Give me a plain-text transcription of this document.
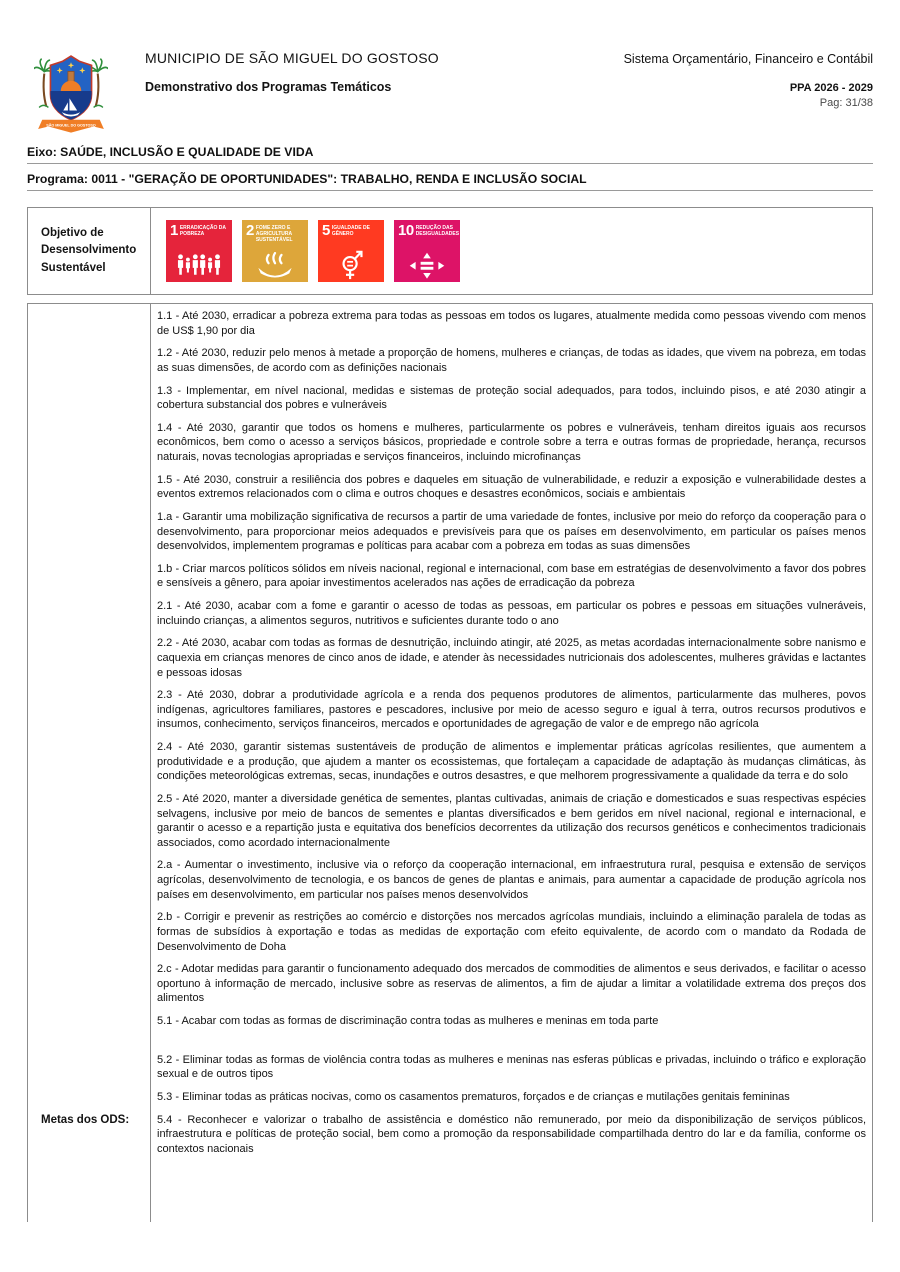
SÃO MIGUEL DO GOSTOSO
MUNICIPIO DE SÃO MIGUEL DO GOSTOSO
Demonstrativo dos Programas Temáticos
Sistema Orçamentário, Financeiro e Contábil
PPA 2026 - 2029
Pag: 31/38
Eixo: SAÚDE, INCLUSÃO E QUALIDADE DE VIDA
Programa: 0011 - "GERAÇÃO DE OPORTUNIDADES": TRABALHO, RENDA E INCLUSÃO SOCIAL
Objetivo de Desensolvimento Sustentável
1 ERRADICAÇÃO DA POBREZA	2 FOME ZERO E AGRICULTURA SUSTENTÁVEL
5 IGUALDADE DE GÊNERO	10 REDUÇÃO DAS DESIGUALDADES
Metas dos ODS:

1.1 - Até 2030, erradicar a pobreza extrema para todas as pessoas em todos os lugares, atualmente medida como pessoas vivendo com menos de US$ 1,90 por dia

1.2 - Até 2030, reduzir pelo menos à metade a proporção de homens, mulheres e crianças, de todas as idades, que vivem na pobreza, em todas as suas dimensões, de acordo com as definições nacionais

1.3 - Implementar, em nível nacional, medidas e sistemas de proteção social adequados, para todos, incluindo pisos, e até 2030 atingir a cobertura substancial dos pobres e vulneráveis

1.4 - Até 2030, garantir que todos os homens e mulheres, particularmente os pobres e vulneráveis, tenham direitos iguais aos recursos econômicos, bem como o acesso a serviços básicos, propriedade e controle sobre a terra e outras formas de propriedade, herança, recursos naturais, novas tecnologias apropriadas e serviços financeiros, incluindo microfinanças

1.5 - Até 2030, construir a resiliência dos pobres e daqueles em situação de vulnerabilidade, e reduzir a exposição e vulnerabilidade destes a eventos extremos relacionados com o clima e outros choques e desastres econômicos, sociais e ambientais

1.a - Garantir uma mobilização significativa de recursos a partir de uma variedade de fontes, inclusive por meio do reforço da cooperação para o desenvolvimento, para proporcionar meios adequados e previsíveis para que os países em desenvolvimento, em particular os países menos desenvolvidos, implementem programas e políticas para acabar com a pobreza em todas as suas dimensões

1.b - Criar marcos políticos sólidos em níveis nacional, regional e internacional, com base em estratégias de desenvolvimento a favor dos pobres e sensíveis a gênero, para apoiar investimentos acelerados nas ações de erradicação da pobreza

2.1 - Até 2030, acabar com a fome e garantir o acesso de todas as pessoas, em particular os pobres e pessoas em situações vulneráveis, incluindo crianças, a alimentos seguros, nutritivos e suficientes durante todo o ano

2.2 - Até 2030, acabar com todas as formas de desnutrição, incluindo atingir, até 2025, as metas acordadas internacionalmente sobre nanismo e caquexia em crianças menores de cinco anos de idade, e atender às necessidades nutricionais dos adolescentes, mulheres grávidas e lactantes e pessoas idosas

2.3 - Até 2030, dobrar a produtividade agrícola e a renda dos pequenos produtores de alimentos, particularmente das mulheres, povos indígenas, agricultores familiares, pastores e pescadores, inclusive por meio de acesso seguro e igual à terra, outros recursos produtivos e insumos, conhecimento, serviços financeiros, mercados e oportunidades de agregação de valor e de emprego não agrícola

2.4 - Até 2030, garantir sistemas sustentáveis de produção de alimentos e implementar práticas agrícolas resilientes, que aumentem a produtividade e a produção, que ajudem a manter os ecossistemas, que fortaleçam a capacidade de adaptação às mudanças climáticas, às condições meteorológicas extremas, secas, inundações e outros desastres, e que melhorem progressivamente a qualidade da terra e do solo

2.5 - Até 2020, manter a diversidade genética de sementes, plantas cultivadas, animais de criação e domesticados e suas respectivas espécies selvagens, inclusive por meio de bancos de sementes e plantas diversificados e bem geridos em nível nacional, regional e internacional, e garantir o acesso e a repartição justa e equitativa dos benefícios decorrentes da utilização dos recursos genéticos e conhecimentos tradicionais associados, como acordado internacionalmente

2.a - Aumentar o investimento, inclusive via o reforço da cooperação internacional, em infraestrutura rural, pesquisa e extensão de serviços agrícolas, desenvolvimento de tecnologia, e os bancos de genes de plantas e animais, para aumentar a capacidade de produção agrícola nos países em desenvolvimento, em particular nos países menos desenvolvidos

2.b - Corrigir e prevenir as restrições ao comércio e distorções nos mercados agrícolas mundiais, incluindo a eliminação paralela de todas as formas de subsídios à exportação e todas as medidas de exportação com efeito equivalente, de acordo com o mandato da Rodada de Desenvolvimento de Doha

2.c - Adotar medidas para garantir o funcionamento adequado dos mercados de commodities de alimentos e seus derivados, e facilitar o acesso oportuno à informação de mercado, inclusive sobre as reservas de alimentos, a fim de ajudar a limitar a volatilidade extrema dos preços dos alimentos

5.1 - Acabar com todas as formas de discriminação contra todas as mulheres e meninas em toda parte

5.2 - Eliminar todas as formas de violência contra todas as mulheres e meninas nas esferas públicas e privadas, incluindo o tráfico e exploração sexual e de outros tipos

5.3 - Eliminar todas as práticas nocivas, como os casamentos prematuros, forçados e de crianças e mutilações genitais femininas

5.4 - Reconhecer e valorizar o trabalho de assistência e doméstico não remunerado, por meio da disponibilização de serviços públicos, infraestrutura e políticas de proteção social, bem como a promoção da responsabilidade compartilhada dentro do lar e da família, conforme os contextos nacionais
